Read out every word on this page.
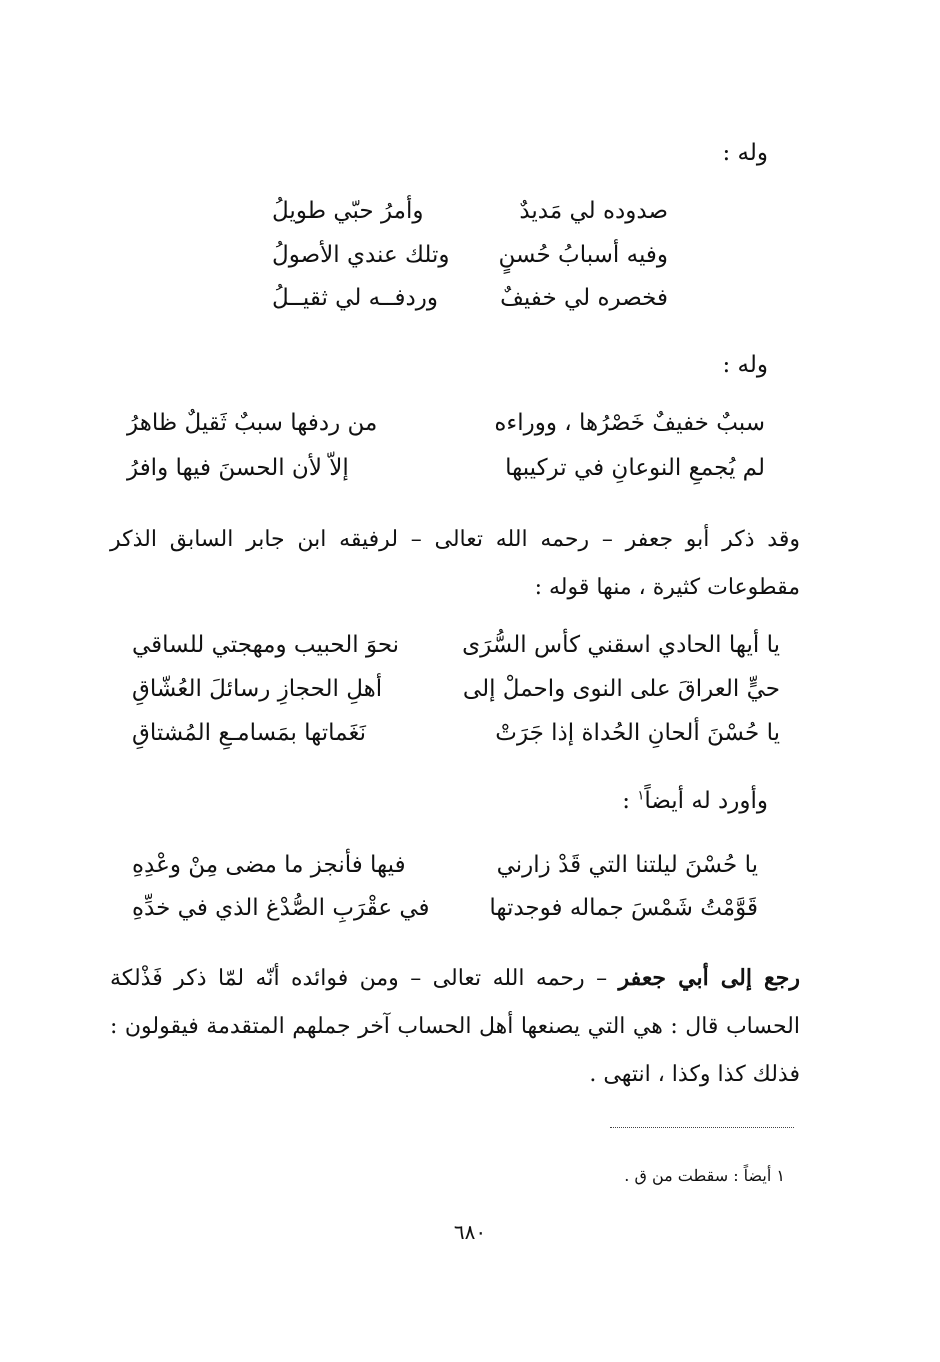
وله :
صدوده لي مَديدٌ
وأمرُ حبّي طويلُ
وفيه أسبابُ حُسنٍ
وتلك عندي الأصولُ
فخصره لي خفيفٌ
وردفــه لي ثقيــلُ
وله :
سببٌ خفيفٌ خَصْرُها ، ووراءه
من ردفها سببٌ ثَقيلٌ ظاهرُ
لم يُجمعِ النوعانِ في تركيبها
إلاّ لأن الحسنَ فيها وافرُ
وقد ذكر أبو جعفر – رحمه الله تعالى – لرفيقه ابن جابر السابق الذكر مقطوعات كثيرة ، منها قوله :
يا أيها الحادي اسقني كأس السُّرَى
نحوَ الحبيب ومهجتي للساقي
حيٍّ العراقَ على النوى واحملْ إلى
أهلِ الحجازِ رسائلَ العُشّاقِ
يا حُسْنَ ألحانِ الحُداة إذا جَرَتْ
نَغَماتها بمَسامـعِ المُشتاقِ
وأورد له أيضاً$^١$ :
يا حُسْنَ ليلتنا التي قَدْ زارني
فيها فأنجز ما مضى مِنْ وعْدِهِ
قَوَّمْتُ شَمْسَ جماله فوجدتها
في عقْرَبِ الصُّدْغ الذي في خدِّهِ
رجع إلى أبي جعفر – رحمه الله تعالى – ومن فوائده أنّه لمّا ذكر فَذْلكة الحساب قال : هي التي يصنعها أهل الحساب آخر جملهم المتقدمة فيقولون : فذلك كذا وكذا ، انتهى .
١ أيضاً : سقطت من ق .
٦٨٠
